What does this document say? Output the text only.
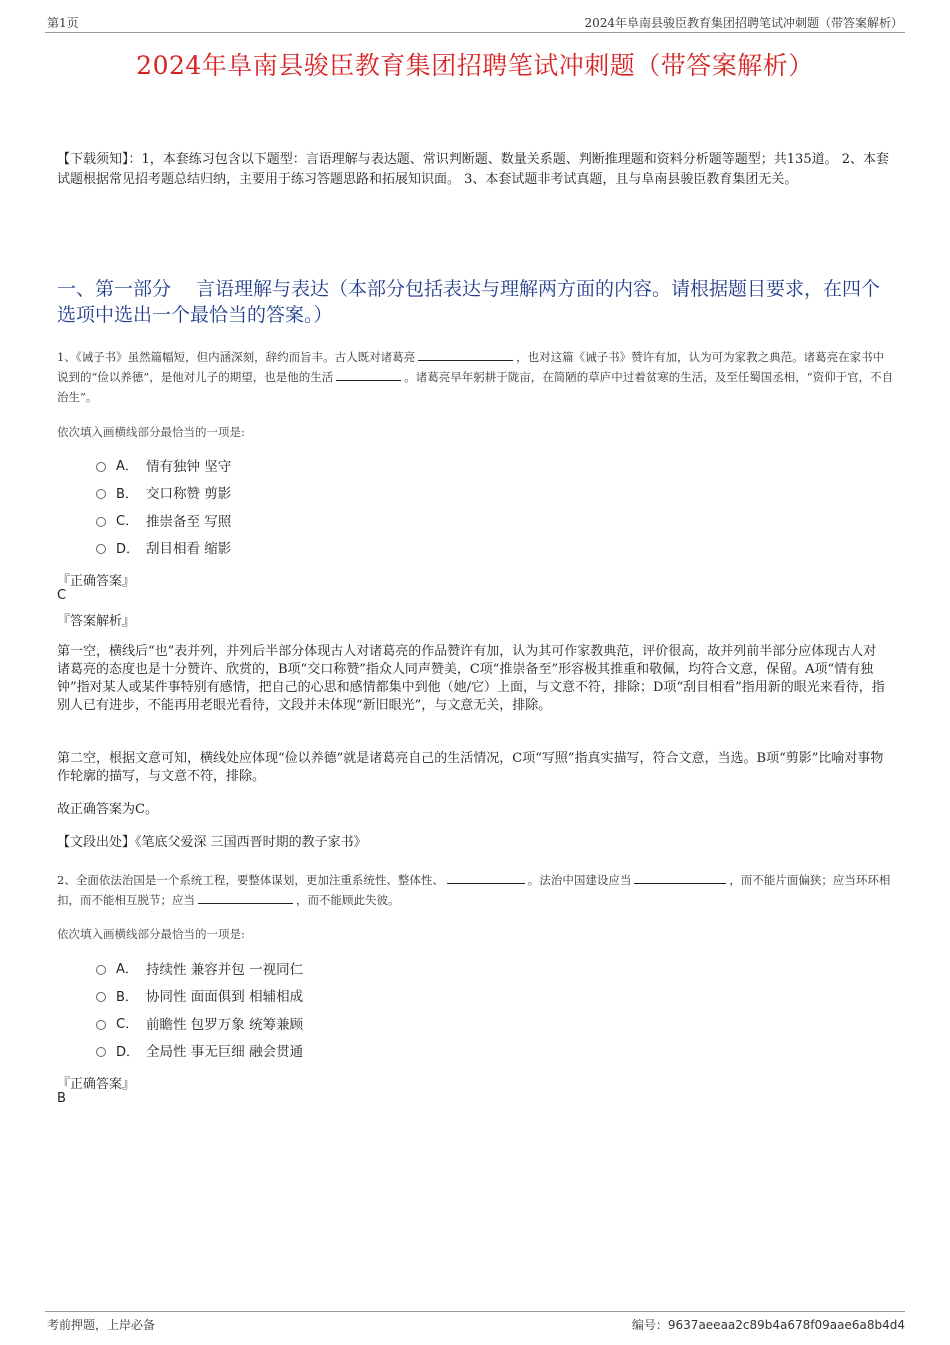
第1页	2024年阜南县骏臣教育集团招聘笔试冲刺题（带答案解析）
2024年阜南县骏臣教育集团招聘笔试冲刺题（带答案解析）
【下载须知】：1，本套练习包含以下题型：言语理解与表达题、常识判断题、数量关系题、判断推理题和资料分析题等题型；共135道。 2、本套试题根据常见招考题总结归纳，主要用于练习答题思路和拓展知识面。 3、本套试题非考试真题，且与阜南县骏臣教育集团无关。
一、第一部分　 言语理解与表达（本部分包括表达与理解两方面的内容。请根据题目要求，在四个选项中选出一个最恰当的答案。）
1、《诫子书》虽然篇幅短，但内涵深刻，辞约而旨丰。古人既对诸葛亮	，也对这篇《诫子书》赞许有加，认为可为家教之典范。诸葛亮在家书中说到的“俭以养德”，是他对儿子的期望，也是他的生活	。诸葛亮早年躬耕于陇亩，在简陋的草庐中过着贫寒的生活，及至任蜀国丞相，“资仰于官，不自治生”。
依次填入画横线部分最恰当的一项是:
A． 情有独钟 坚守
B． 交口称赞 剪影
C． 推崇备至 写照
D． 刮目相看 缩影
『正确答案』
C
『答案解析』
第一空，横线后“也”表并列，并列后半部分体现古人对诸葛亮的作品赞许有加，认为其可作家教典范，评价很高，故并列前半部分应体现古人对诸葛亮的态度也是十分赞许、欣赏的，B项“交口称赞”指众人同声赞美，C项“推崇备至”形容极其推重和敬佩，均符合文意，保留。A项“情有独钟”指对某人或某件事特别有感情，把自己的心思和感情都集中到他（她/它）上面，与文意不符，排除；D项“刮目相看”指用新的眼光来看待，指别人已有进步，不能再用老眼光看待，文段并未体现“新旧眼光”，与文意无关，排除。
第二空，根据文意可知，横线处应体现“俭以养德”就是诸葛亮自己的生活情况，C项“写照”指真实描写，符合文意，当选。B项“剪影”比喻对事物作轮廓的描写，与文意不符，排除。
故正确答案为C。
【文段出处】《笔底父爱深 三国西晋时期的教子家书》
2、全面依法治国是一个系统工程，要整体谋划，更加注重系统性、整体性、	。法治中国建设应当	，而不能片面偏狭；应当环环相扣，而不能相互脱节；应当	，而不能顾此失彼。
依次填入画横线部分最恰当的一项是:
A． 持续性 兼容并包 一视同仁
B． 协同性 面面俱到 相辅相成
C． 前瞻性 包罗万象 统筹兼顾
D． 全局性 事无巨细 融会贯通
『正确答案』
B
考前押题，上岸必备	编号：9637aeeaa2c89b4a678f09aae6a8b4d4
